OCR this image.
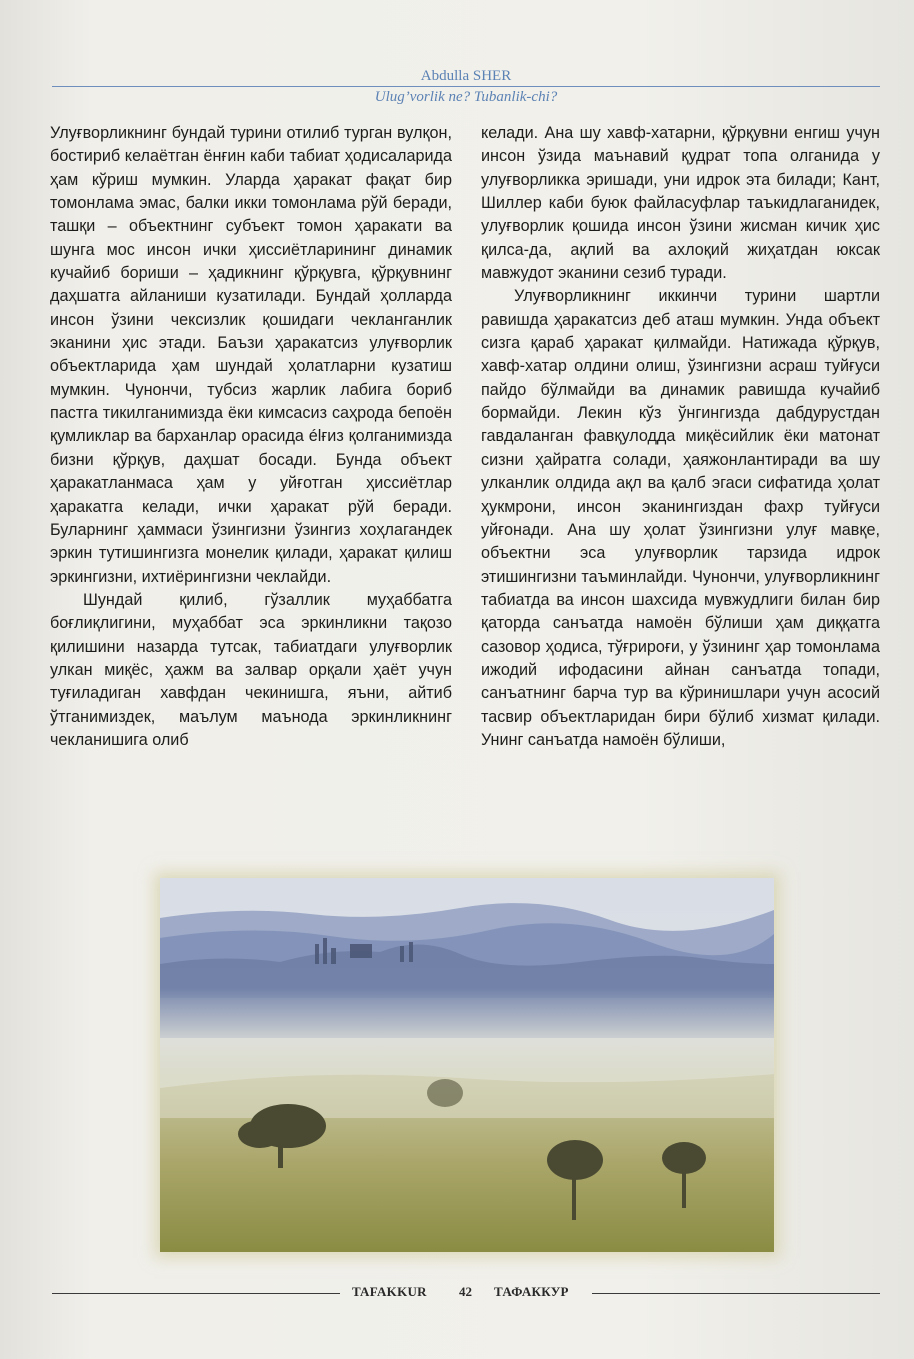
Abdulla SHER
Ulug’vorlik ne? Tubanlik-chi?

Улуғворликнинг бундай турини отилиб турган вулқон, бостириб келаётган ёнғин каби табиат ҳодисаларида ҳам кўриш мумкин. Уларда ҳаракат фақат бир томонлама эмас, балки икки томонлама рўй беради, ташқи – объектнинг субъект томон ҳаракати ва шунга мос инсон ички ҳиссиётларининг динамик кучайиб бориши – ҳадикнинг қўрқувга, қўрқувнинг даҳшатга айланиши кузатилади. Бундай ҳолларда инсон ўзини чексизлик қошидаги чекланганлик эканини ҳис этади. Баъзи ҳаракатсиз улуғворлик объектларида ҳам шундай ҳолатларни кузатиш мумкин. Чунончи, тубсиз жарлик лабига бориб пастга тикилганимизда ёки кимсасиз саҳрода бепоён қумликлар ва барханлар орасида élғиз қолганимизда бизни қўрқув, даҳшат босади. Бунда объект ҳаракатланмаса ҳам у уйғотган ҳиссиётлар ҳаракатга келади, ички ҳаракат рўй беради. Буларнинг ҳаммаси ўзингизни ўзингиз хоҳлагандек эркин тутишингизга монелик қилади, ҳаракат қилиш эркингизни, ихтиёрингизни чеклайди.

Шундай қилиб, гўзаллик муҳаббатга боғлиқлигини, муҳаббат эса эркинликни тақозо қилишини назарда тутсак, табиатдаги улуғворлик улкан миқёс, ҳажм ва залвар орқали ҳаёт учун туғиладиган хавфдан чекинишга, яъни, айтиб ўтганимиздек, маълум маънода эркинликнинг чекланишига олиб

келади. Ана шу хавф-хатарни, қўрқувни енгиш учун инсон ўзида маънавий қудрат топа олганида у улуғворликка эришади, уни идрок эта билади; Кант, Шиллер каби буюк файласуфлар таъкидлаганидек, улуғворлик қошида инсон ўзини жисман кичик ҳис қилса-да, ақлий ва ахлоқий жиҳатдан юксак мавжудот эканини сезиб туради.

Улуғворликнинг иккинчи турини шартли равишда ҳаракатсиз деб аташ мумкин. Унда объект сизга қараб ҳаракат қилмайди. Натижада қўрқув, хавф-хатар олдини олиш, ўзингизни асраш туйғуси пайдо бўлмайди ва динамик равишда кучайиб бормайди. Лекин кўз ўнгингизда дабдурустдан гавдаланган фавқулодда миқёсийлик ёки матонат сизни ҳайратга солади, ҳаяжонлантиради ва шу улканлик олдида ақл ва қалб эгаси сифатида ҳолат ҳукмрони, инсон эканингиздан фахр туйғуси уйғонади. Ана шу ҳолат ўзингизни улуғ мавқе, объектни эса улуғворлик тарзида идрок этишингизни таъминлайди. Чунончи, улуғворликнинг табиатда ва инсон шахсида мувжудлиги билан бир қаторда санъатда намоён бўлиши ҳам диққатга сазовор ҳодиса, тўғрироғи, у ўзининг ҳар томонлама ижодий ифодасини айнан санъатда топади, санъатнинг барча тур ва кўринишлари учун асосий тасвир объектларидан бири бўлиб хизмат қилади. Унинг санъатда намоён бўлиши,

TAFAKKUR 42 ТАФАККУР
